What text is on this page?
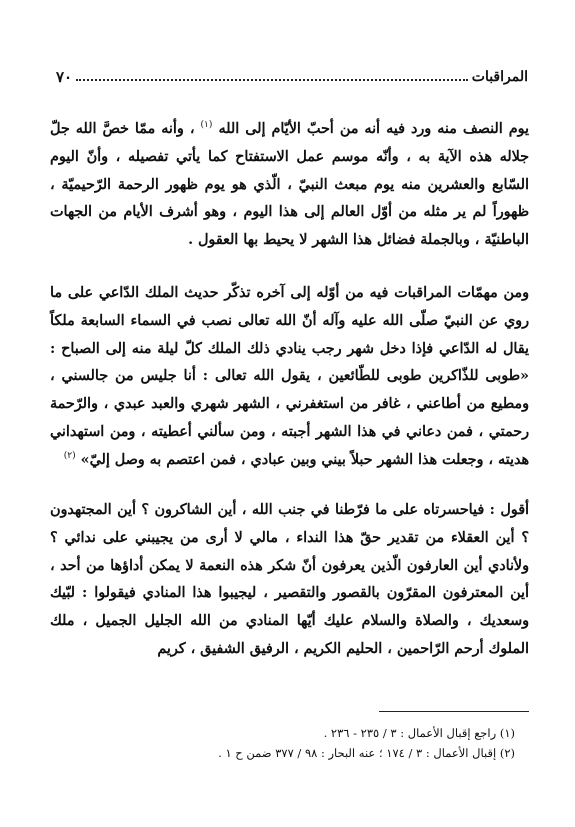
٧٠	المراقبات
يوم النصف منه ورد فيه أنه من أحبّ الأيّام إلى الله $^{(١)}$ ، وأنه ممّا خصَّ الله جلّ جلاله هذه الآية به ، وأنّه موسم عمل الاستفتاح كما يأتي تفصيله ، وأنّ اليوم السّابع والعشرين منه يوم مبعث النبيّ ، الّذي هو يوم ظهور الرحمة الرّحيميّة ، ظهوراً لم ير مثله من أوّل العالم إلى هذا اليوم ، وهو أشرف الأيام من الجهات الباطنيّة ، وبالجملة فضائل هذا الشهر لا يحيط بها العقول .
ومن مهمّات المراقبات فيه من أوّله إلى آخره تذكّر حديث الملك الدّاعي على ما روي عن النبيّ صلّى الله عليه وآله أنّ الله تعالى نصب في السماء السابعة ملكاً يقال له الدّاعي فإذا دخل شهر رجب ينادي ذلك الملك كلّ ليلة منه إلى الصباح : «طوبى للذّاكرين طوبى للطّائعين ، يقول الله تعالى : أنا جليس من جالسني ، ومطيع من أطاعني ، غافر من استغفرني ، الشهر شهري والعبد عبدي ، والرّحمة رحمتي ، فمن دعاني في هذا الشهر أجبته ، ومن سألني أعطيته ، ومن استهداني هديته ، وجعلت هذا الشهر حبلاً بيني وبين عبادي ، فمن اعتصم به وصل إليّ» $^{(٢)}$
أقول : فياحسرتاه على ما فرّطنا في جنب الله ، أين الشاكرون ؟ أين المجتهدون ؟ أين العقلاء من تقدير حقّ هذا النداء ، مالي لا أرى من يجيبني على ندائي ؟ ولأنادي أين العارفون الّذين يعرفون أنّ شكر هذه النعمة لا يمكن أداؤها من أحد ، أين المعترفون المقرّون بالقصور والتقصير ، ليجيبوا هذا المنادي فيقولوا : لبّيك وسعديك ، والصلاة والسلام عليك أيّها المنادي من الله الجليل الجميل ، ملك الملوك أرحم الرّاحمين ، الحليم الكريم ، الرفيق الشفيق ، كريم
(١) راجع إقبال الأعمال : ٣ / ٢٣٥ - ٢٣٦ .
(٢) إقبال الأعمال : ٣ / ١٧٤ ؛ عنه البحار : ٩٨ / ٣٧٧ ضمن ح ١ .
